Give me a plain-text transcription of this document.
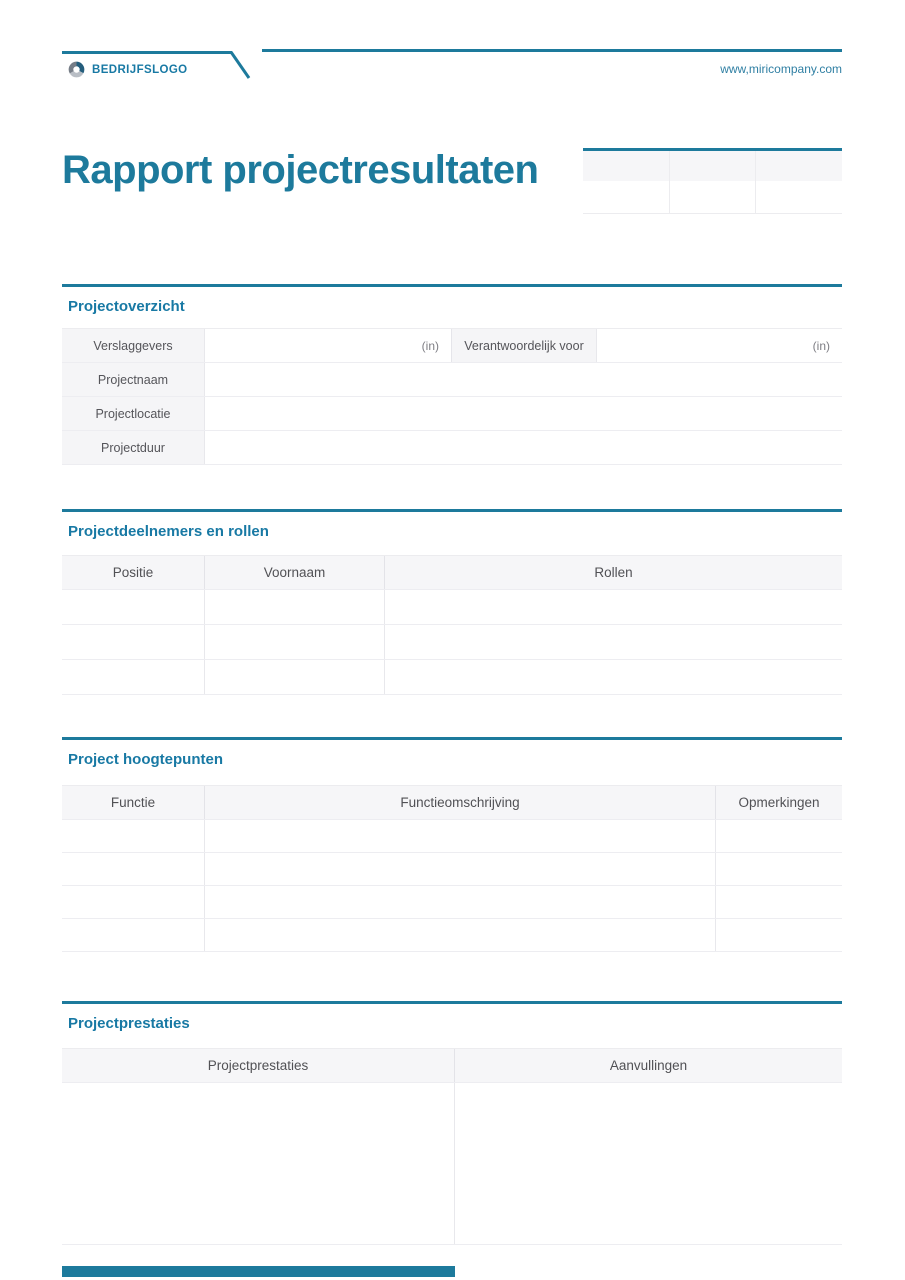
BEDRIJFSLOGO	www,miricompany.com
Rapport projectresultaten
Projectoverzicht
Verslaggevers	(in)	Verantwoordelijk voor	(in)
Projectnaam
Projectlocatie
Projectduur
Projectdeelnemers en rollen
Positie	Voornaam	Rollen
Project hoogtepunten
Functie	Functieomschrijving	Opmerkingen
Projectprestaties
Projectprestaties	Aanvullingen
